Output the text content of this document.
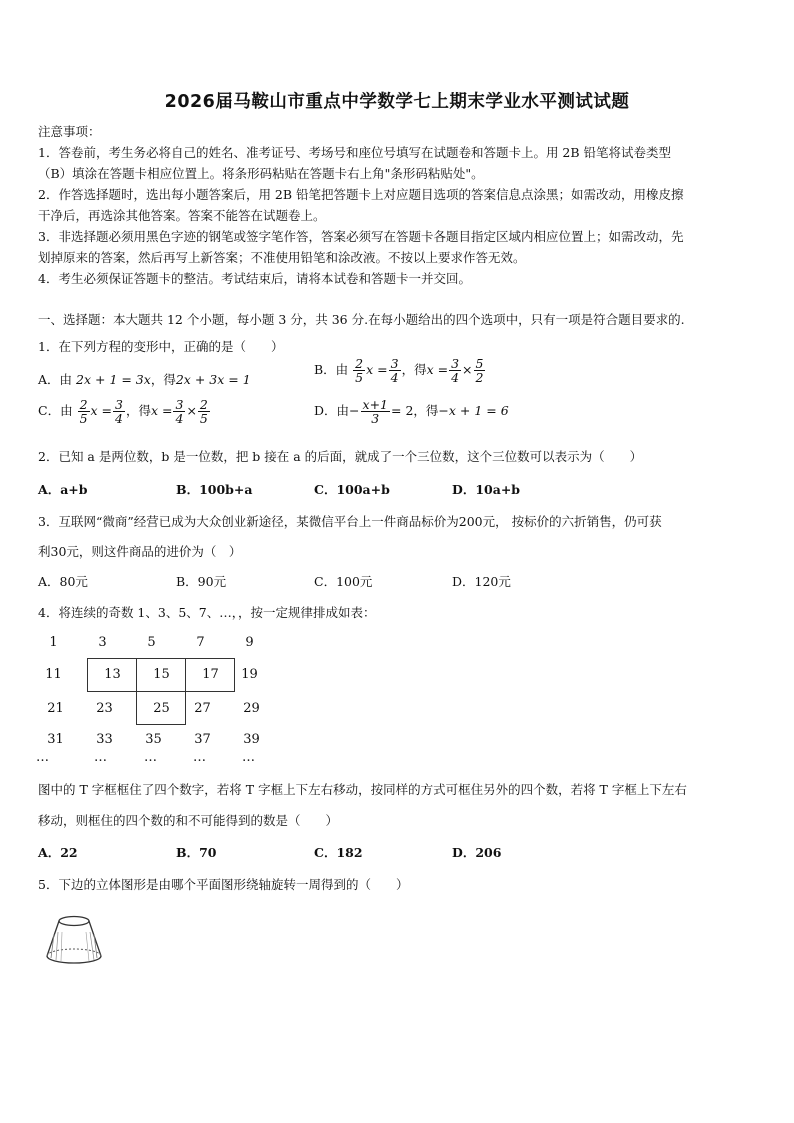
2026届马鞍山市重点中学数学七上期末学业水平测试试题
注意事项：
1．答卷前，考生务必将自己的姓名、准考证号、考场号和座位号填写在试题卷和答题卡上。用 2B 铅笔将试卷类型
（B）填涂在答题卡相应位置上。将条形码粘贴在答题卡右上角"条形码粘贴处"。
2．作答选择题时，选出每小题答案后，用 2B 铅笔把答题卡上对应题目选项的答案信息点涂黑；如需改动，用橡皮擦
干净后，再选涂其他答案。答案不能答在试题卷上。
3．非选择题必须用黑色字迹的钢笔或签字笔作答，答案必须写在答题卡各题目指定区域内相应位置上；如需改动，先
划掉原来的答案，然后再写上新答案；不准使用铅笔和涂改液。不按以上要求作答无效。
4．考生必须保证答题卡的整洁。考试结束后，请将本试卷和答题卡一并交回。
一、选择题：本大题共 12 个小题，每小题 3 分，共 36 分.在每小题给出的四个选项中，只有一项是符合题目要求的.
1．在下列方程的变形中，正确的是（　　）
A．由 2x + 1 = 3x，得2x + 3x = 1
B．由 $\frac{2}{5}$ $x = \frac{3}{4}$ ，得$x = \frac{3}{4} \times \frac{5}{2}$
C．由 $\frac{2}{5}$ $x = \frac{3}{4}$ ，得$x = \frac{3}{4} \times \frac{2}{5}$	D．由− $\frac{x+1}{3} = 2$，得−x + 1 = 6
2．已知 a 是两位数，b 是一位数，把 b 接在 a 的后面，就成了一个三位数，这个三位数可以表示为（　　）
A．a+b	B．100b+a	C．100a+b	D．10a+b
3．互联网“微商”经营已成为大众创业新途径，某微信平台上一件商品标价为200元， 按标价的六折销售，仍可获
利30元，则这件商品的进价为（　）
A．80元	B．90元	C．100元	D．120元
4．将连续的奇数 1、3、5、7、…，，按一定规律排成如表：
1	3	5	7	9
11	13	15	17	19
21	23	25	27	29
31	33	35	37	39
…	…	…	…	…
图中的 T 字框框住了四个数字，若将 T 字框上下左右移动，按同样的方式可框住另外的四个数，若将 T 字框上下左右
移动，则框住的四个数的和不可能得到的数是（　　）
A．22	B．70	C．182	D．206
5．下边的立体图形是由哪个平面图形绕轴旋转一周得到的（　　）
